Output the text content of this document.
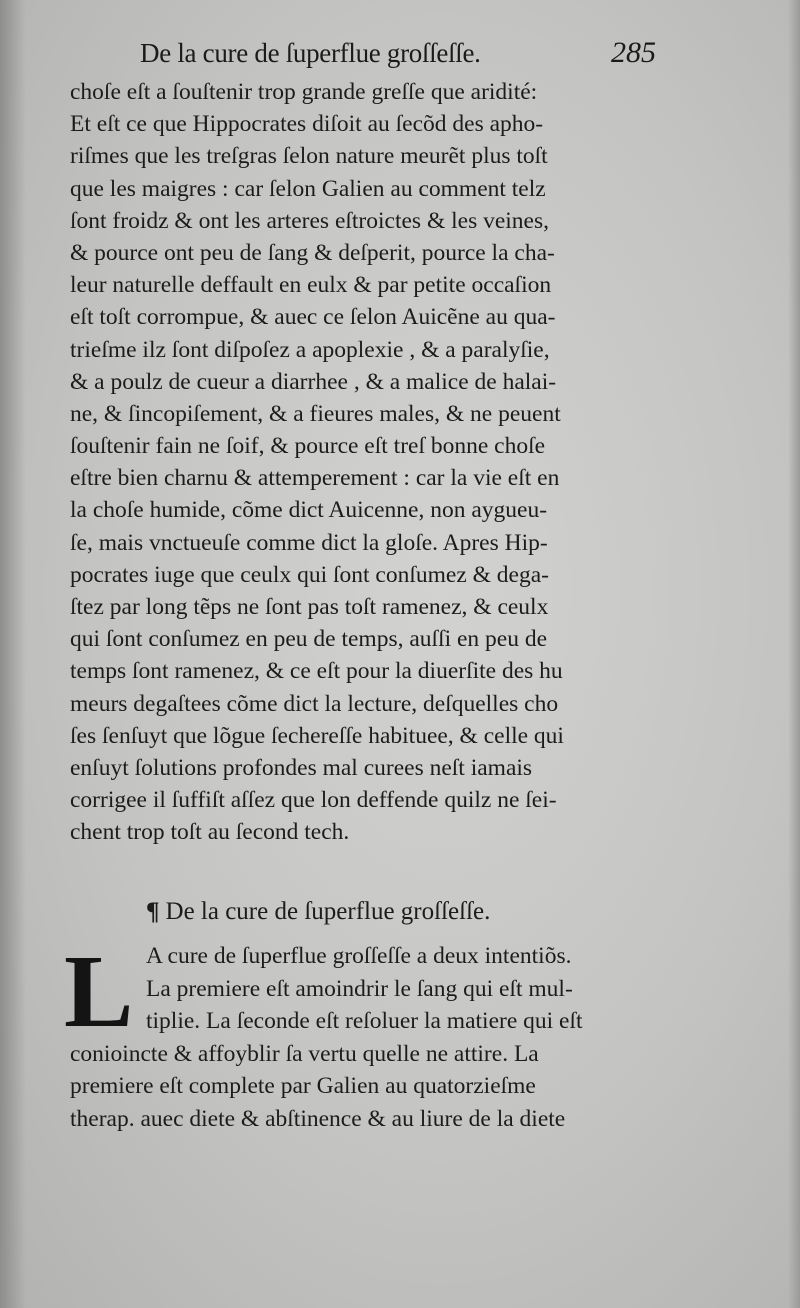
De la cure de ſuperflue groſſeſſe.	285
choſe eſt a ſouſtenir trop grande greſſe que aridité:
Et eſt ce que Hippocrates diſoit au ſecõd des apho-
riſmes que les treſgras ſelon nature meurẽt plus toſt
que les maigres : car ſelon Galien au comment telz
ſont froidz & ont les arteres eſtroictes & les veines,
& pource ont peu de ſang & deſperit, pource la cha-
leur naturelle deffault en eulx & par petite occaſion
eſt toſt corrompue, & auec ce ſelon Auicẽne au qua-
trieſme ilz ſont diſpoſez a apoplexie , & a paralyſie,
& a poulz de cueur a diarrhee , & a malice de halai-
ne, & ſincopiſement, & a fieures males, & ne peuent
ſouſtenir fain ne ſoif, & pource eſt treſ bonne choſe
eſtre bien charnu & attemperement : car la vie eſt en
la choſe humide, cõme dict Auicenne, non aygueu-
ſe, mais vnctueuſe comme dict la gloſe. Apres Hip-
pocrates iuge que ceulx qui ſont conſumez & dega-
ſtez par long tẽps ne ſont pas toſt ramenez, & ceulx
qui ſont conſumez en peu de temps, auſſi en peu de
temps ſont ramenez, & ce eſt pour la diuerſite des hu
meurs degaſtees cõme dict la lecture, deſquelles cho
ſes ſenſuyt que lõgue ſechereſſe habituee, & celle qui
enſuyt ſolutions profondes mal curees neſt iamais
corrigee il ſuffiſt aſſez que lon deffende quilz ne ſei-
chent trop toſt au ſecond tech.
¶ De la cure de ſuperflue groſſeſſe.
L A cure de ſuperflue groſſeſſe a deux intentiõs.
La premiere eſt amoindrir le ſang qui eſt mul-
tiplie. La ſeconde eſt reſoluer la matiere qui eſt
conioincte & affoyblir ſa vertu quelle ne attire. La
premiere eſt complete par Galien au quatorzieſme
therap. auec diete & abſtinence & au liure de la diete
